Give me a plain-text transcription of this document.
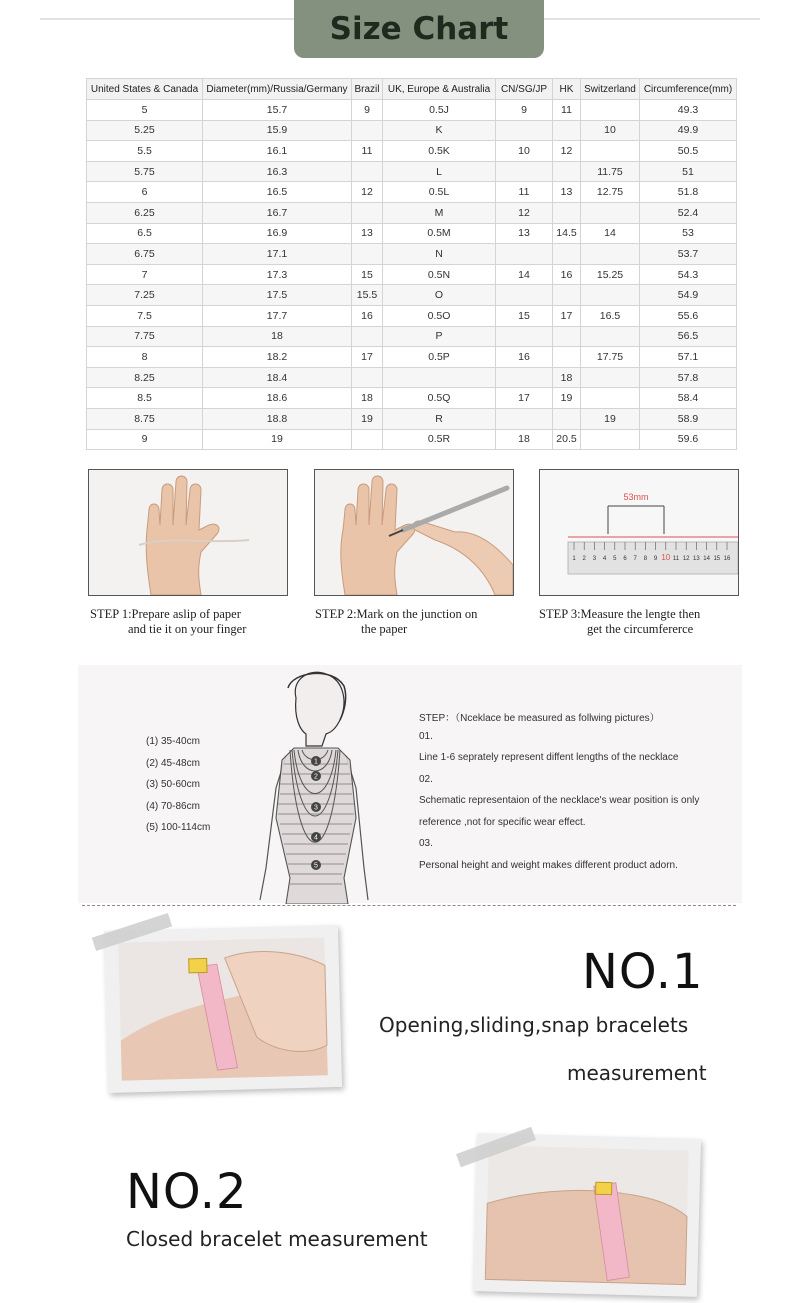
Size Chart
United States & Canada	Diameter(mm)/Russia/Germany	Brazil	UK, Europe & Australia	CN/SG/JP	HK	Switzerland	Circumference(mm)
5	15.7	9	0.5J	9	11		49.3
5.25	15.9		K			10	49.9
5.5	16.1	11	0.5K	10	12		50.5
5.75	16.3		L			11.75	51
6	16.5	12	0.5L	11	13	12.75	51.8
6.25	16.7		M	12			52.4
6.5	16.9	13	0.5M	13	14.5	14	53
6.75	17.1		N				53.7
7	17.3	15	0.5N	14	16	15.25	54.3
7.25	17.5	15.5	O				54.9
7.5	17.7	16	0.5O	15	17	16.5	55.6
7.75	18		P				56.5
8	18.2	17	0.5P	16		17.75	57.1
8.25	18.4				18		57.8
8.5	18.6	18	0.5Q	17	19		58.4
8.75	18.8	19	R			19	58.9
9	19		0.5R	18	20.5		59.6
53mm
1 2 3 4 5 6 7 8 9 10 11 12 13 14 15 16
STEP 1:Prepare aslip of paper
and tie it on your finger
STEP 2:Mark on the junction on
the paper
STEP 3:Measure the lengte then
get the circumferercе
1
2
3
4
5
(1) 35-40cm
(2) 45-48cm
(3) 50-60cm
(4) 70-86cm
(5) 100-114cm
STEP：（Nceklace be measured as follwing pictures）
01.
Line 1-6 seprately represent diffent lengths of the necklace
02.
Schematic representaion of the necklace's wear position is only
reference ,not for specific wear effect.
03.
Personal height and weight makes different product adorn.
NO.1
Opening,sliding,snap bracelets
measurement
NO.2
Closed bracelet measurement
